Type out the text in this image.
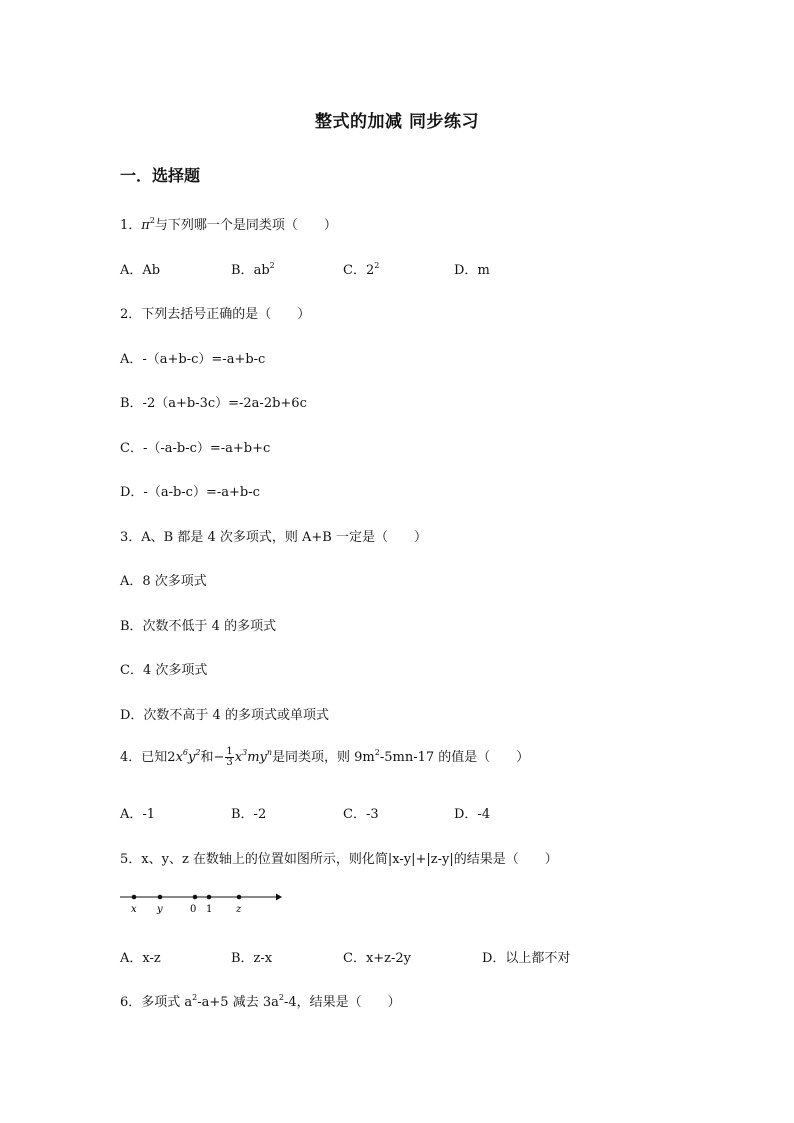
整式的加减 同步练习
一．选择题
1．$\pi^2$与下列哪一个是同类项（　　）
A．Ab	B．$ab^2$	C．$2^2$	D．m
2．下列去括号正确的是（　　）
A．-（a+b-c）=-a+b-c
B．-2（a+b-3c）=-2a-2b+6c
C．-（-a-b-c）=-a+b+c
D．-（a-b-c）=-a+b-c
3．A、B 都是 4 次多项式，则 A+B 一定是（　　）
A．8 次多项式
B．次数不低于 4 的多项式
C．4 次多项式
D．次数不高于 4 的多项式或单项式
4．已知$2x^6y^2$和− $\frac{1}{3} x^3my^n$是同类项，则 $9m^2-5mn-17$ 的值是（　　）
A．-1	B．-2	C．-3	D．-4
5．x、y、z 在数轴上的位置如图所示，则化简|x-y|+|z-y|的结果是（　　）
x y	0 1 z
A．x-z	B．z-x	C．x+z-2y	D．以上都不对
6．多项式 $a^2-a+5$ 减去 $3a^2-4$，结果是（　　）
